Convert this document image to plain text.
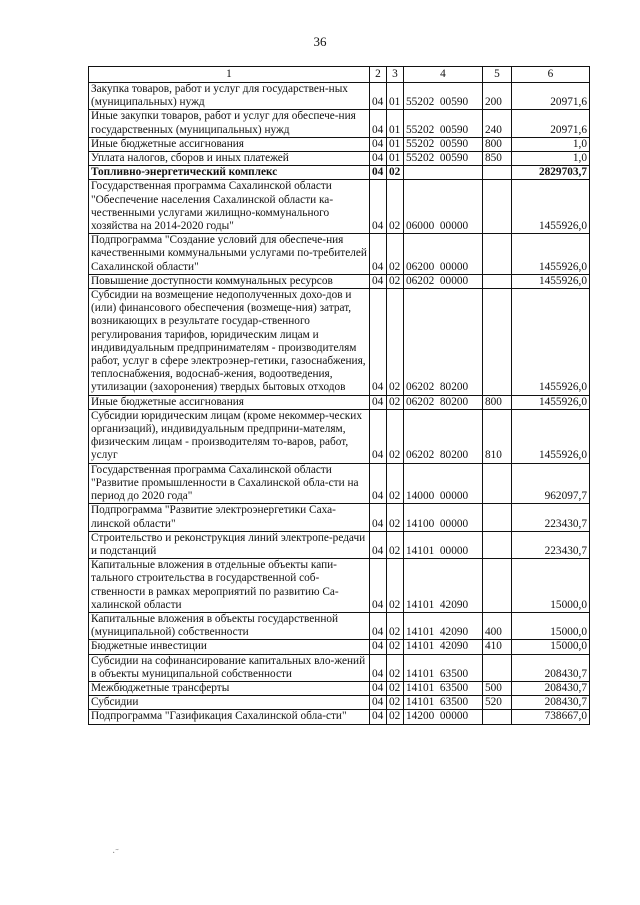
36
1	2	3	4	5	6
Закупка товаров, работ и услуг для государствен-ных (муниципальных) нужд	04	01	55202  00590	200	20971,6
Иные закупки товаров, работ и услуг для обеспече-ния государственных (муниципальных) нужд	04	01	55202  00590	240	20971,6
Иные бюджетные ассигнования	04	01	55202  00590	800	1,0
Уплата налогов, сборов и иных платежей	04	01	55202  00590	850	1,0
Топливно-энергетический комплекс	04	02			2829703,7
Государственная программа Сахалинской области "Обеспечение населения Сахалинской области ка-чественными услугами жилищно-коммунального хозяйства на 2014-2020 годы"	04	02	06000  00000		1455926,0
Подпрограмма "Создание условий для обеспече-ния качественными коммунальными услугами по-требителей Сахалинской области"	04	02	06200  00000		1455926,0
Повышение доступности коммунальных ресурсов	04	02	06202  00000		1455926,0
Субсидии на возмещение недополученных дохо-дов и (или) финансового обеспечения (возмеще-ния) затрат, возникающих в результате государ-ственного регулирования тарифов, юридическим лицам и индивидуальным предпринимателям - производителям работ, услуг в сфере электроэнер-гетики, газоснабжения, теплоснабжения, водоснаб-жения, водоотведения, утилизации (захоронения) твердых бытовых отходов	04	02	06202  80200		1455926,0
Иные бюджетные ассигнования	04	02	06202  80200	800	1455926,0
Субсидии юридическим лицам (кроме некоммер-ческих организаций), индивидуальным предприни-мателям, физическим лицам - производителям то-варов, работ, услуг	04	02	06202  80200	810	1455926,0
Государственная программа Сахалинской области "Развитие промышленности в Сахалинской обла-сти на период до 2020 года"	04	02	14000  00000		962097,7
Подпрограмма "Развитие электроэнергетики Саха-линской области"	04	02	14100  00000		223430,7
Строительство и реконструкция линий электропе-редачи и подстанций	04	02	14101  00000		223430,7
Капитальные вложения в отдельные объекты капи-тального строительства в государственной соб-ственности в рамках мероприятий по развитию Са-халинской области	04	02	14101  42090		15000,0
Капитальные вложения в объекты государственной (муниципальной) собственности	04	02	14101  42090	400	15000,0
Бюджетные инвестиции	04	02	14101  42090	410	15000,0
Субсидии на софинансирование капитальных вло-жений в объекты муниципальной собственности	04	02	14101  63500		208430,7
Межбюджетные трансферты	04	02	14101  63500	500	208430,7
Субсидии	04	02	14101  63500	520	208430,7
Подпрограмма "Газификация Сахалинской обла-сти"	04	02	14200  00000		738667,0
·̃
